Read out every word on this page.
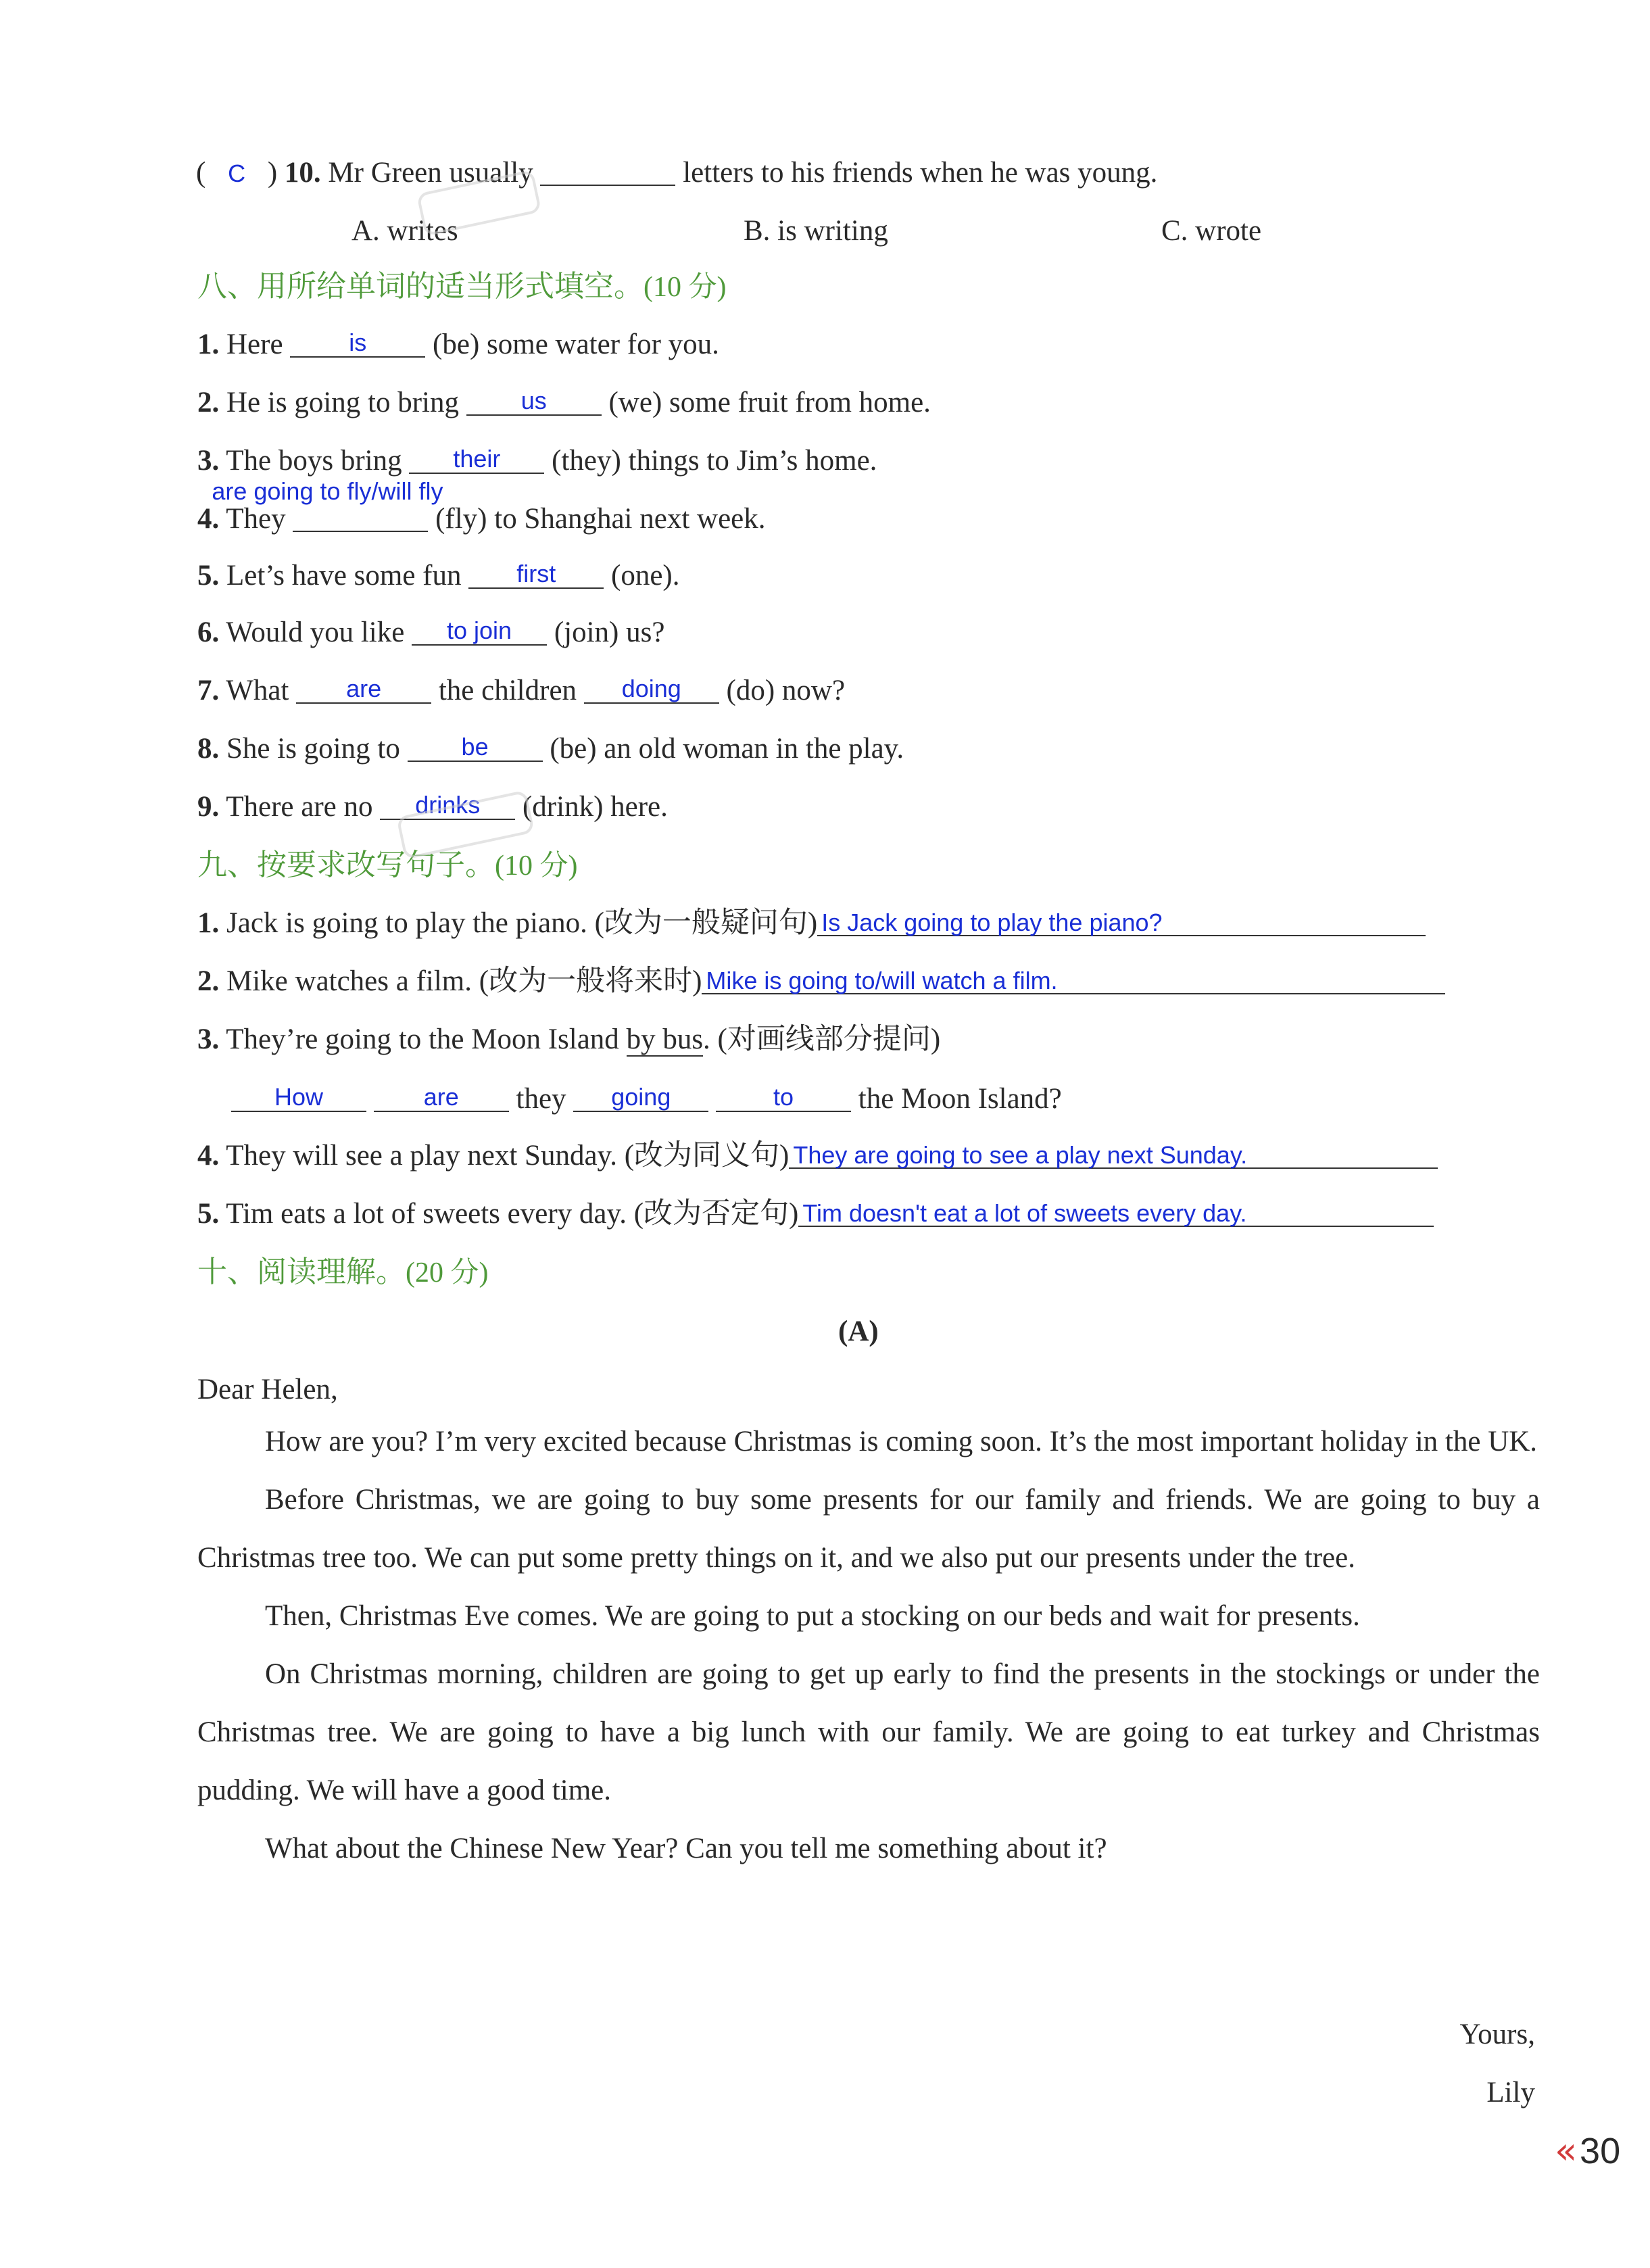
( C ) 10. Mr Green usually	letters to his friends when he was young.
A. writes	B. is writing	C. wrote
八、用所给单词的适当形式填空。(10 分)
1. Here	is	(be) some water for you.
2. He is going to bring	us	(we) some fruit from home.
3. The boys bring	their	(they) things to Jim’s home.
4. They
are going to fly/will fly
(fly) to Shanghai next week.
5. Let’s have some fun	first	(one).
6. Would you like	to join	(join) us?
7. What	are	the children	doing	(do) now?
8. She is going to	be	(be) an old woman in the play.
9. There are no	drinks	(drink) here.
九、按要求改写句子。(10 分)
1. Jack is going to play the piano. (改为一般疑问句) Is Jack going to play the piano?
2. Mike watches a film. (改为一般将来时) Mike is going to/will watch a film.
3. They’re going to the Moon Island by bus. (对画线部分提问)
How
	are	they	going
	to	the Moon Island?
4. They will see a play next Sunday. (改为同义句) They are going to see a play next Sunday.
5. Tim eats a lot of sweets every day. (改为否定句) Tim doesn't eat a lot of sweets every day.
十、阅读理解。(20 分)
(A)
Dear Helen,
How are you? I’m very excited because Christmas is coming soon. It’s the most important holiday in the UK.
Before Christmas, we are going to buy some presents for our family and friends. We are going to buy a Christmas tree too. We can put some pretty things on it, and we also put our presents under the tree.
Then, Christmas Eve comes. We are going to put a stocking on our beds and wait for presents.
On Christmas morning, children are going to get up early to find the presents in the stockings or under the Christmas tree. We are going to have a big lunch with our family. We are going to eat turkey and Christmas pudding. We will have a good time.
What about the Chinese New Year? Can you tell me something about it?
Yours,
Lily
« 30
